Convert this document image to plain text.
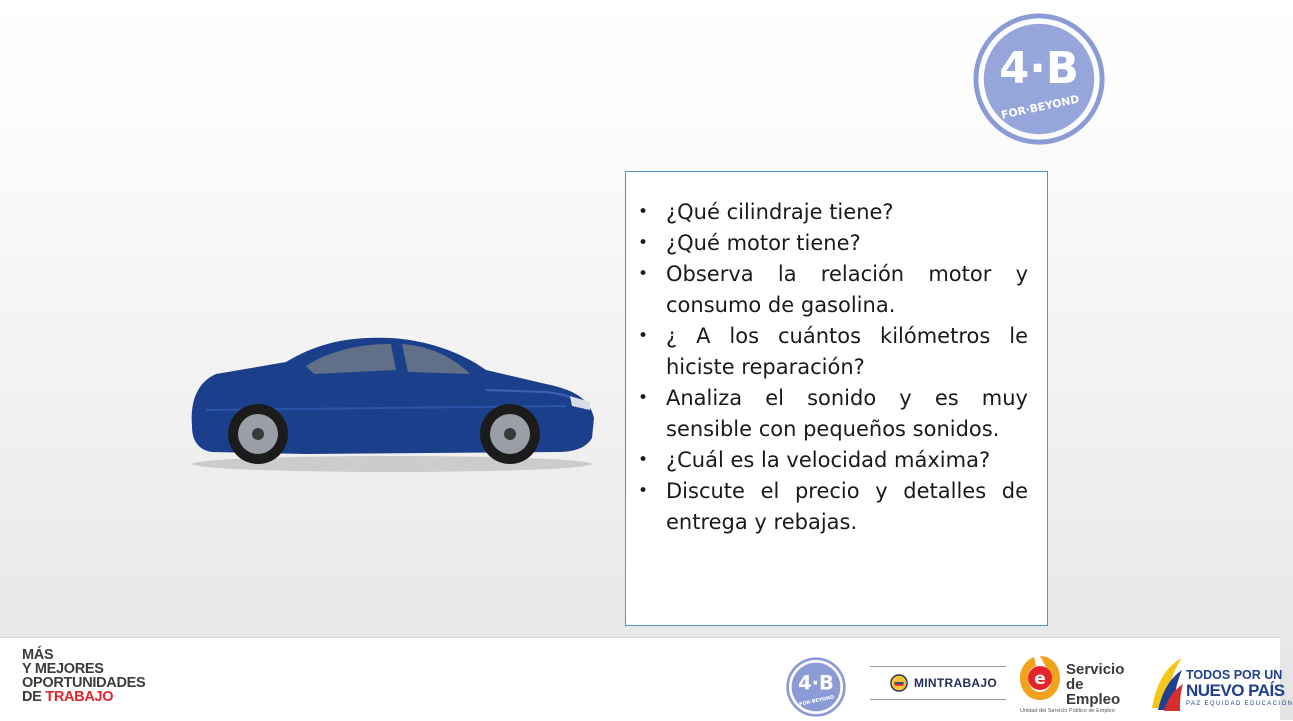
4·B
FOR·BEYOND
• ¿Qué cilindraje tiene?
• ¿Qué motor tiene?
• Observa la relación motor y consumo de gasolina.
• ¿ A los cuántos kilómetros le hiciste reparación?
• Analiza el sonido y es muy sensible con pequeños sonidos.
• ¿Cuál es la velocidad máxima?
• Discute el precio y detalles de entrega y rebajas.
MÁS
Y MEJORES
OPORTUNIDADES
DE TRABAJO
4·B
FOR·BEYOND
MINTRABAJO e Servicio
de Empleo
Unidad del Servicio Público de Empleo
TODOS POR UN
NUEVO PAÍS
PAZ EQUIDAD EDUCACIÓN
